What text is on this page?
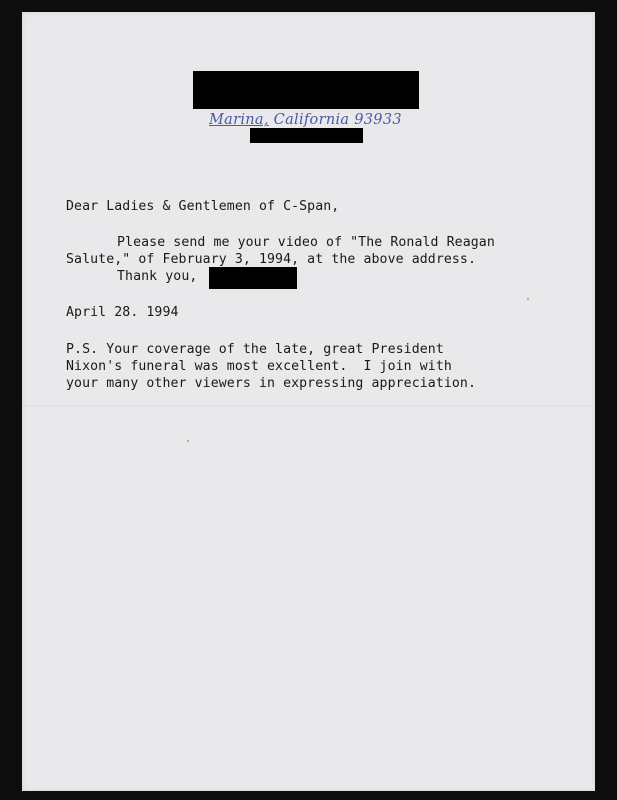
Marina, California 93933
Dear Ladies & Gentlemen of C-Span,
Please send me your video of "The Ronald Reagan
Salute," of February 3, 1994, at the above address.
Thank you,
April 28. 1994
P.S. Your coverage of the late, great President
Nixon's funeral was most excellent.  I join with
your many other viewers in expressing appreciation.
